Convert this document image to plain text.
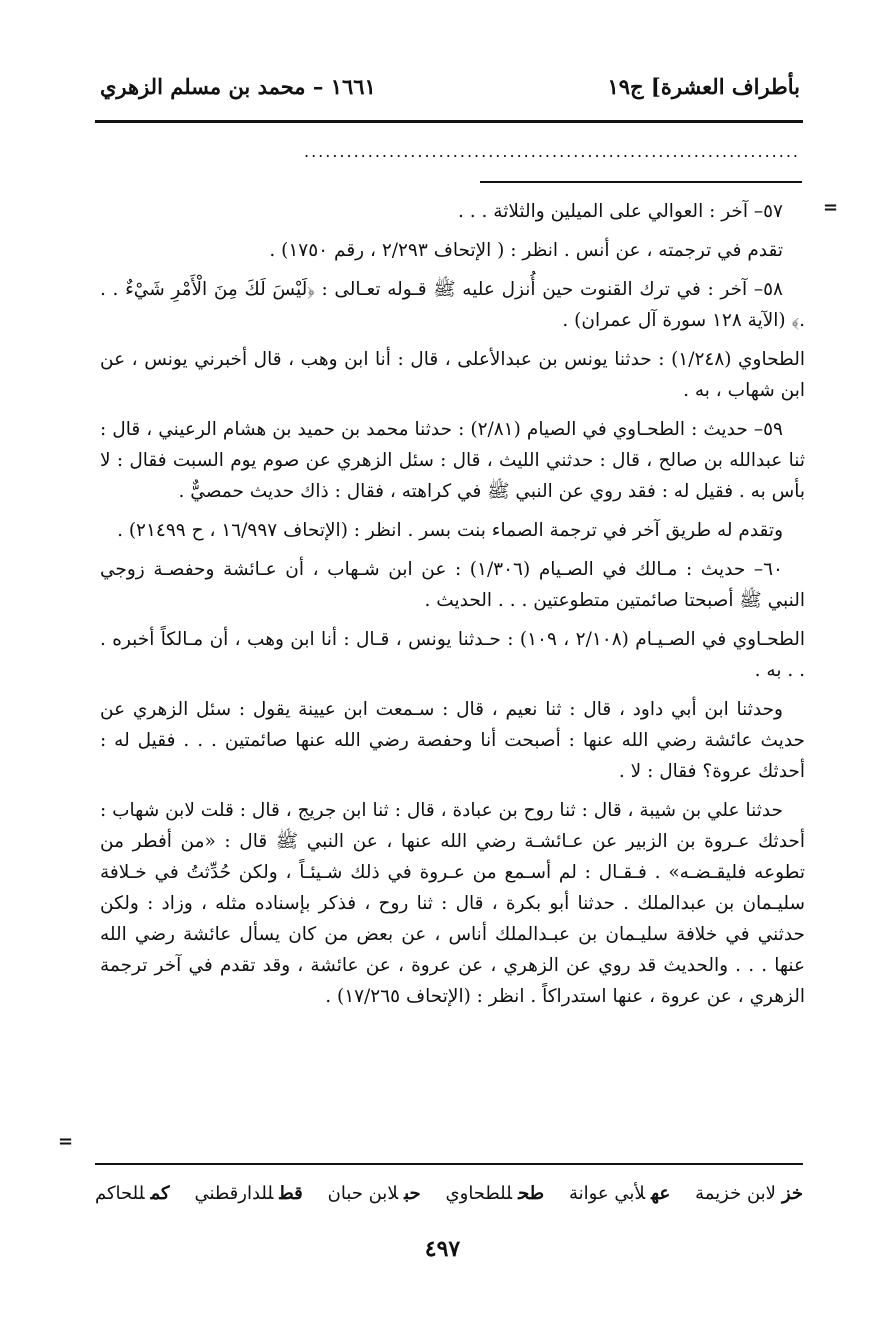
بأطراف العشرة] ج١٩
١٦٦١ – محمد بن مسلم الزهري
......................................................................
=

٥٧– آخر : العوالي على الميلين والثلاثة . . .

تقدم في ترجمته ، عن أنس . انظر : ( الإتحاف ٢/٢٩٣ ، رقم ١٧٥٠) .

٥٨– آخر : في ترك القنوت حين أُنزل عليه ﷺ قـوله تعـالى : ﴿لَيْسَ لَكَ مِنَ الْأَمْرِ شَيْءٌ . . .﴾ (الآية ١٢٨ سورة آل عمران) .

الطحاوي (١/٢٤٨) : حدثنا يونس بن عبدالأعلى ، قال : أنا ابن وهب ، قال أخبرني يونس ، عن ابن شهاب ، به .

٥٩– حديث : الطحـاوي في الصيام (٢/٨١) : حدثنا محمد بن حميد بن هشام الرعيني ، قال : ثنا عبدالله بن صالح ، قال : حدثني الليث ، قال : سئل الزهري عن صوم يوم السبت فقال : لا بأس به . فقيل له : فقد روي عن النبي ﷺ في كراهته ، فقال : ذاك حديث حمصيٌّ .

وتقدم له طريق آخر في ترجمة الصماء بنت بسر . انظر : (الإتحاف ١٦/٩٩٧ ، ح ٢١٤٩٩) .

٦٠– حديث : مـالك في الصـيام (١/٣٠٦) : عن ابن شـهاب ، أن عـائشة وحفصـة زوجي النبي ﷺ أصبحتا صائمتين متطوعتين . . . الحديث .

الطحـاوي في الصـيـام (٢/١٠٨ ، ١٠٩) : حـدثنا يونس ، قـال : أنا ابن وهب ، أن مـالكاً أخبره . . . به .

وحدثنا ابن أبي داود ، قال : ثنا نعيم ، قال : سـمعت ابن عيينة يقول : سئل الزهري عن حديث عائشة رضي الله عنها : أصبحت أنا وحفصة رضي الله عنها صائمتين . . . فقيل له : أحدثك عروة؟ فقال : لا .

حدثنا علي بن شيبة ، قال : ثنا روح بن عبادة ، قال : ثنا ابن جريج ، قال : قلت لابن شهاب : أحدثك عـروة بن الزبير عن عـائشـة رضي الله عنها ، عن النبي ﷺ قال : «من أفطر من تطوعه فليقـضـه» . فـقـال : لم أسـمع من عـروة في ذلك شـيئـاً ، ولكن حُدِّثتُ في خـلافة سليـمان بن عبدالملك . حدثنا أبو بكرة ، قال : ثنا روح ، فذكر بإسناده مثله ، وزاد : ولكن حدثني في خلافة سليـمان بن عبـدالملك أناس ، عن بعض من كان يسأل عائشة رضي الله عنها . . . والحديث قد روي عن الزهري ، عن عروة ، عن عائشة ، وقد تقدم في آخر ترجمة الزهري ، عن عروة ، عنها استدراكاً . انظر : (الإتحاف ١٧/٢٦٥) .

=
خزلابن خزيمة
عهلأبي عوانة
طحللطحاوي
حبلابن حبان
قطللدارقطني
كمللحاكم
٤٩٧
